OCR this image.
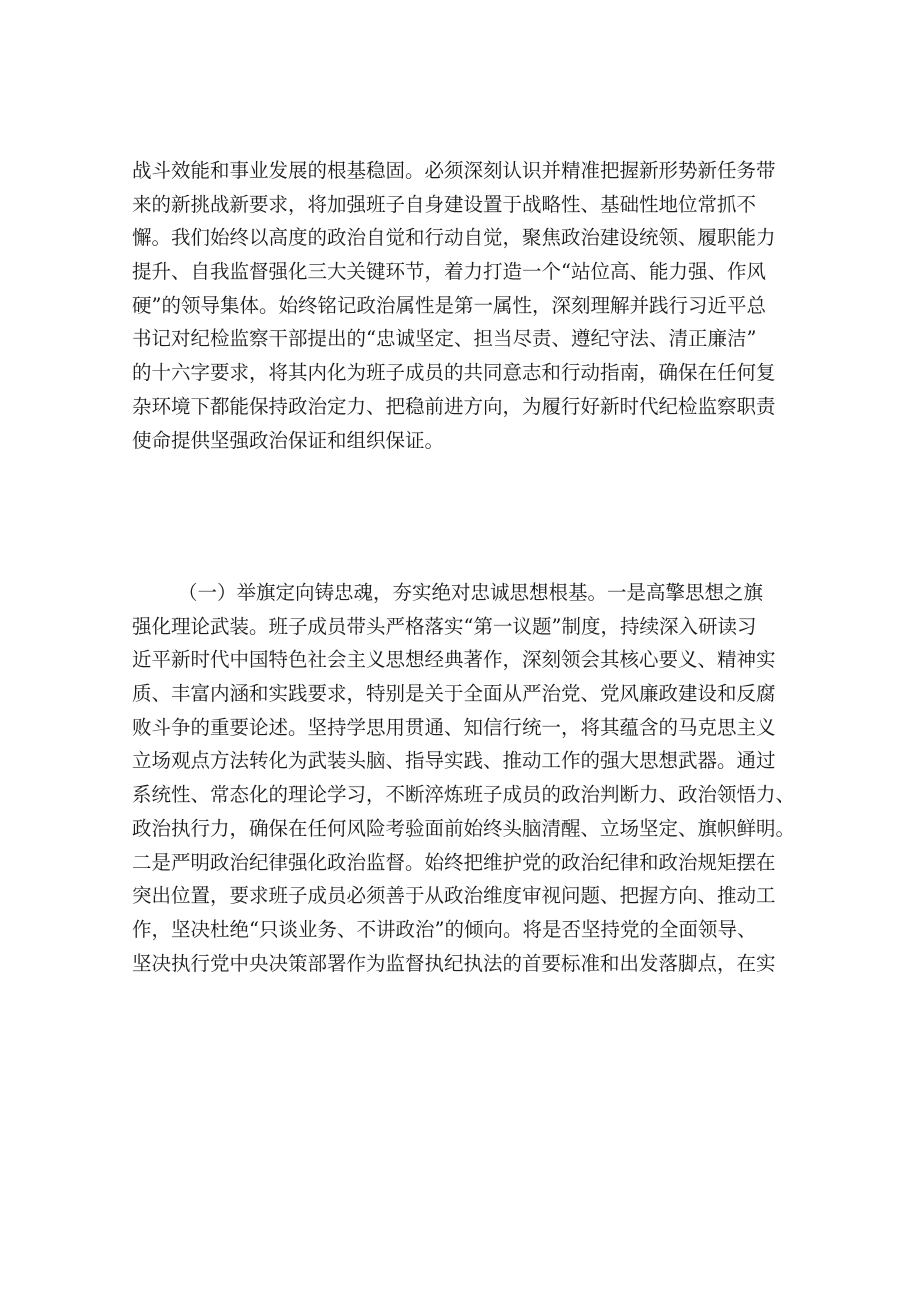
战斗效能和事业发展的根基稳固。必须深刻认识并精准把握新形势新任务带
来的新挑战新要求，将加强班子自身建设置于战略性、基础性地位常抓不
懈。我们始终以高度的政治自觉和行动自觉，聚焦政治建设统领、履职能力
提升、自我监督强化三大关键环节，着力打造一个“站位高、能力强、作风
硬”的领导集体。始终铭记政治属性是第一属性，深刻理解并践行习近平总
书记对纪检监察干部提出的“忠诚坚定、担当尽责、遵纪守法、清正廉洁”
的十六字要求，将其内化为班子成员的共同意志和行动指南，确保在任何复
杂环境下都能保持政治定力、把稳前进方向，为履行好新时代纪检监察职责
使命提供坚强政治保证和组织保证。
（一）举旗定向铸忠魂，夯实绝对忠诚思想根基。一是高擎思想之旗
强化理论武装。班子成员带头严格落实“第一议题”制度，持续深入研读习
近平新时代中国特色社会主义思想经典著作，深刻领会其核心要义、精神实
质、丰富内涵和实践要求，特别是关于全面从严治党、党风廉政建设和反腐
败斗争的重要论述。坚持学思用贯通、知信行统一，将其蕴含的马克思主义
立场观点方法转化为武装头脑、指导实践、推动工作的强大思想武器。通过
系统性、常态化的理论学习，不断淬炼班子成员的政治判断力、政治领悟力、
政治执行力，确保在任何风险考验面前始终头脑清醒、立场坚定、旗帜鲜明。
二是严明政治纪律强化政治监督。始终把维护党的政治纪律和政治规矩摆在
突出位置，要求班子成员必须善于从政治维度审视问题、把握方向、推动工
作，坚决杜绝“只谈业务、不讲政治”的倾向。将是否坚持党的全面领导、
坚决执行党中央决策部署作为监督执纪执法的首要标准和出发落脚点，在实
